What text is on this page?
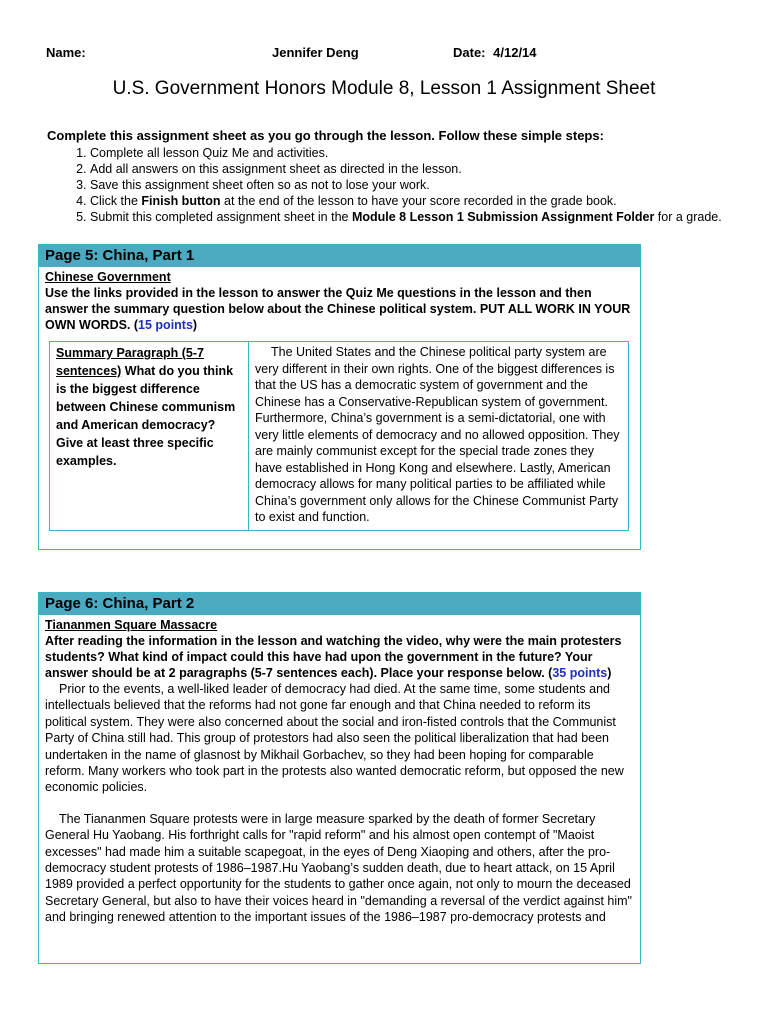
Name:	Jennifer Deng	Date: 4/12/14
U.S. Government Honors Module 8, Lesson 1 Assignment Sheet
Complete this assignment sheet as you go through the lesson. Follow these simple steps:
1. Complete all lesson Quiz Me and activities.
2. Add all answers on this assignment sheet as directed in the lesson.
3. Save this assignment sheet often so as not to lose your work.
4. Click the Finish button at the end of the lesson to have your score recorded in the grade book.
5. Submit this completed assignment sheet in the Module 8 Lesson 1 Submission Assignment Folder for a grade.
Page 5: China, Part 1
Chinese Government
Use the links provided in the lesson to answer the Quiz Me questions in the lesson and then answer the summary question below about the Chinese political system. PUT ALL WORK IN YOUR OWN WORDS. (15 points)
Summary Paragraph (5-7 sentences) What do you think is the biggest difference between Chinese communism and American democracy? Give at least three specific examples.
The United States and the Chinese political party system are very different in their own rights. One of the biggest differences is that the US has a democratic system of government and the Chinese has a Conservative-Republican system of government. Furthermore, China’s government is a semi-dictatorial, one with very little elements of democracy and no allowed opposition. They are mainly communist except for the special trade zones they have established in Hong Kong and elsewhere. Lastly, American democracy allows for many political parties to be affiliated while China’s government only allows for the Chinese Communist Party to exist and function.
Page 6: China, Part 2
Tiananmen Square Massacre
After reading the information in the lesson and watching the video, why were the main protesters students? What kind of impact could this have had upon the government in the future? Your answer should be at 2 paragraphs (5-7 sentences each). Place your response below. (35 points)

Prior to the events, a well-liked leader of democracy had died. At the same time, some students and intellectuals believed that the reforms had not gone far enough and that China needed to reform its political system. They were also concerned about the social and iron-fisted controls that the Communist Party of China still had. This group of protestors had also seen the political liberalization that had been undertaken in the name of glasnost by Mikhail Gorbachev, so they had been hoping for comparable reform. Many workers who took part in the protests also wanted democratic reform, but opposed the new economic policies.

The Tiananmen Square protests were in large measure sparked by the death of former Secretary General Hu Yaobang. His forthright calls for "rapid reform" and his almost open contempt of "Maoist excesses" had made him a suitable scapegoat, in the eyes of Deng Xiaoping and others, after the pro-democracy student protests of 1986–1987.Hu Yaobang’s sudden death, due to heart attack, on 15 April 1989 provided a perfect opportunity for the students to gather once again, not only to mourn the deceased Secretary General, but also to have their voices heard in "demanding a reversal of the verdict against him" and bringing renewed attention to the important issues of the 1986–1987 pro-democracy protests and
